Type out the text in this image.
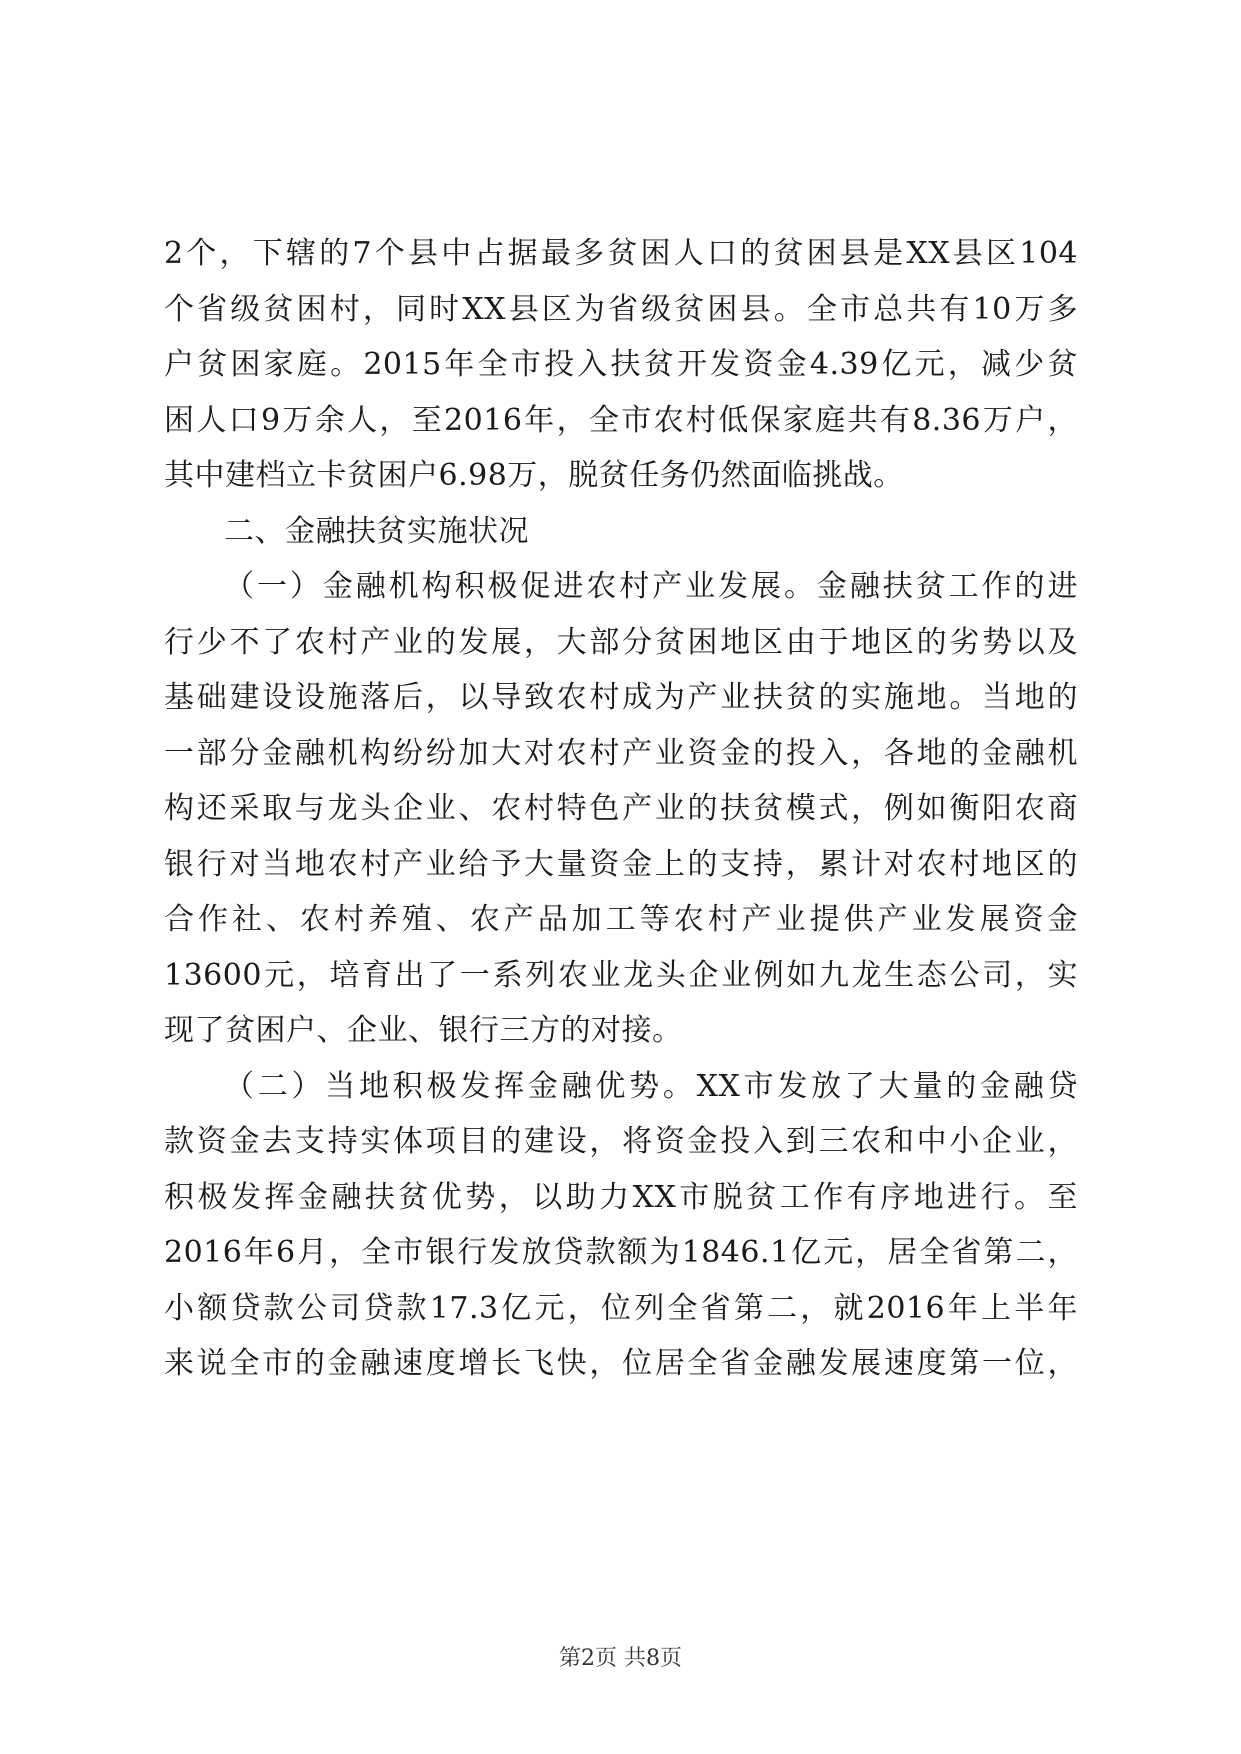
2个，下辖的7个县中占据最多贫困人口的贫困县是XX县区104
个省级贫困村，同时XX县区为省级贫困县。全市总共有10万多
户贫困家庭。2015年全市投入扶贫开发资金4.39亿元，减少贫
困人口9万余人，至2016年，全市农村低保家庭共有8.36万户，
其中建档立卡贫困户6.98万，脱贫任务仍然面临挑战。
二、金融扶贫实施状况
（一）金融机构积极促进农村产业发展。金融扶贫工作的进
行少不了农村产业的发展，大部分贫困地区由于地区的劣势以及
基础建设设施落后，以导致农村成为产业扶贫的实施地。当地的
一部分金融机构纷纷加大对农村产业资金的投入，各地的金融机
构还采取与龙头企业、农村特色产业的扶贫模式，例如衡阳农商
银行对当地农村产业给予大量资金上的支持，累计对农村地区的
合作社、农村养殖、农产品加工等农村产业提供产业发展资金
13600元，培育出了一系列农业龙头企业例如九龙生态公司，实
现了贫困户、企业、银行三方的对接。
（二）当地积极发挥金融优势。XX市发放了大量的金融贷
款资金去支持实体项目的建设，将资金投入到三农和中小企业，
积极发挥金融扶贫优势，以助力XX市脱贫工作有序地进行。至
2016年6月，全市银行发放贷款额为1846.1亿元，居全省第二，
小额贷款公司贷款17.3亿元，位列全省第二，就2016年上半年
来说全市的金融速度增长飞快，位居全省金融发展速度第一位，
第2页 共8页
